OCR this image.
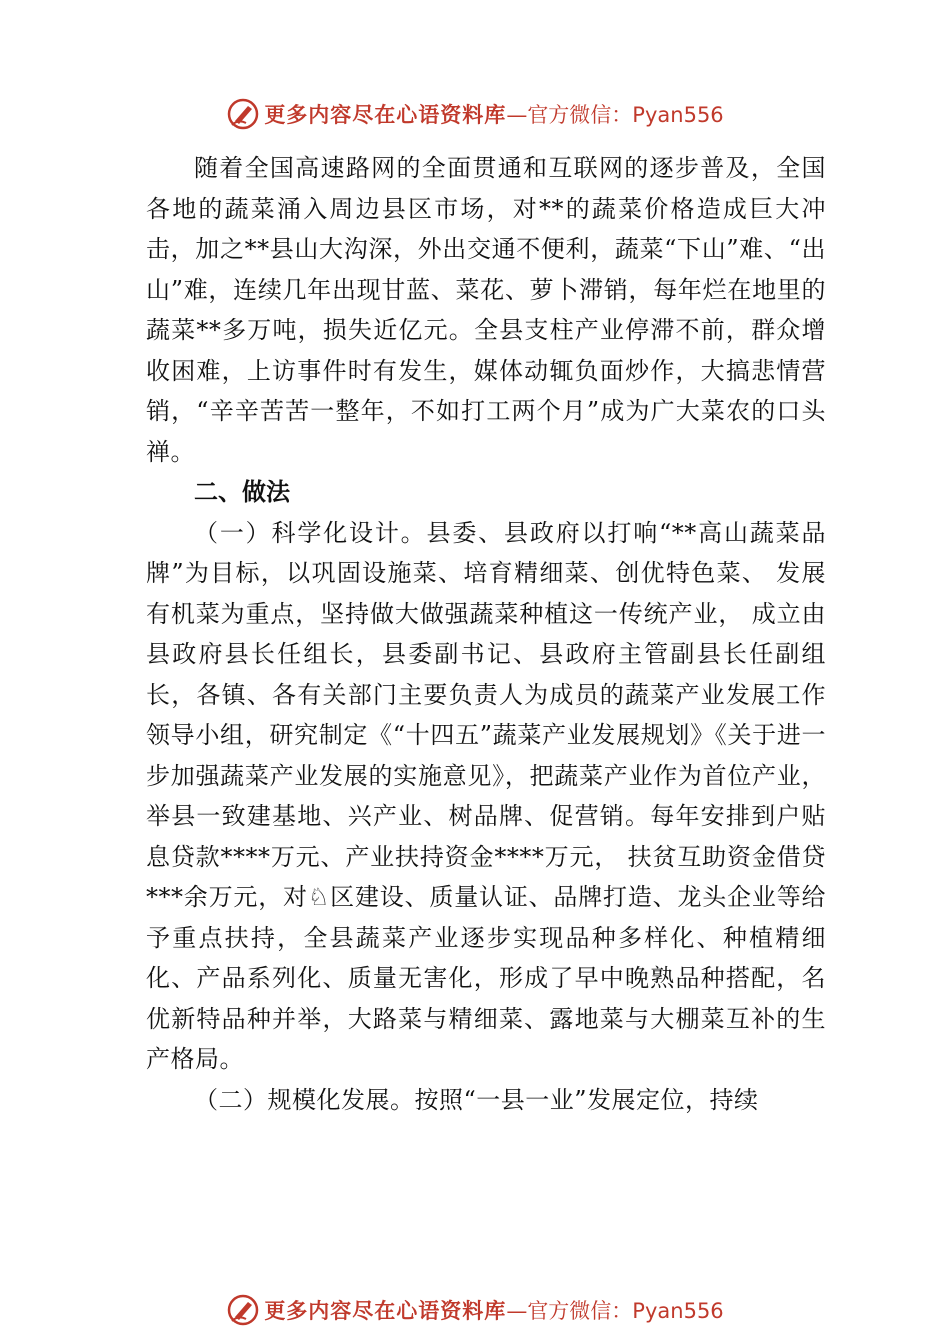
更多内容尽在心语资料库 —官方微信：Pyan556

随着全国高速路网的全面贯通和互联网的逐步普及，全国各地的蔬菜涌入周边县区市场，对**的蔬菜价格造成巨大冲击，加之**县山大沟深，外出交通不便利，蔬菜“下山”难、“出山”难，连续几年出现甘蓝、菜花、萝卜滞销，每年烂在地里的蔬菜**多万吨，损失近亿元。全县支柱产业停滞不前，群众增收困难，上访事件时有发生，媒体动辄负面炒作，大搞悲情营销，“辛辛苦苦一整年，不如打工两个月”成为广大菜农的口头禅。

二、做法

（一）科学化设计。县委、县政府以打响“**高山蔬菜品牌”为目标，以巩固设施菜、培育精细菜、创优特色菜、 发展有机菜为重点，坚持做大做强蔬菜种植这一传统产业， 成立由县政府县长任组长，县委副书记、县政府主管副县长任副组长，各镇、各有关部门主要负责人为成员的蔬菜产业发展工作领导小组，研究制定《“十四五”蔬菜产业发展规划》《关于进一步加强蔬菜产业发展的实施意见》，把蔬菜产业作为首位产业，举县一致建基地、兴产业、树品牌、促营销。每年安排到户贴息贷款****万元、产业扶持资金****万元， 扶贫互助资金借贷***余万元，对♘区建设、质量认证、品牌打造、龙头企业等给予重点扶持，全县蔬菜产业逐步实现品种多样化、种植精细化、产品系列化、质量无害化，形成了早中晚熟品种搭配，名优新特品种并举，大路菜与精细菜、露地菜与大棚菜互补的生产格局。

（二）规模化发展。按照“一县一业”发展定位，持续

更多内容尽在心语资料库 —官方微信：Pyan556
